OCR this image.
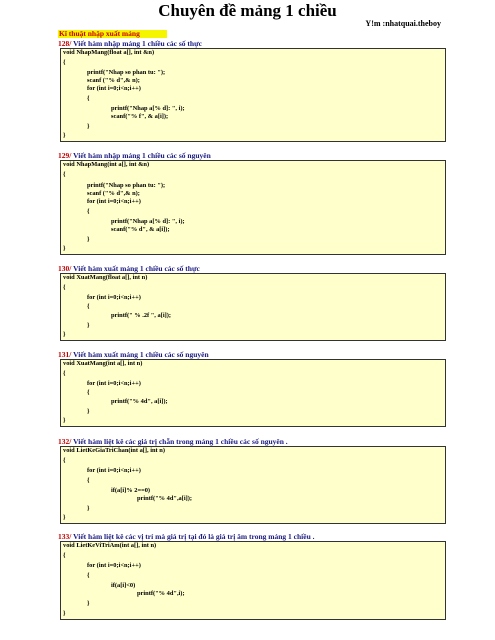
Chuyên đề mảng 1 chiều
Y!m :nhatquai.theboy
Kĩ thuật nhập xuất mảng
128/ Viết hàm nhập mảng 1 chiều các số thực
void NhapMang(float a[], int &n)
{
printf("Nhap so phan tu: ");
scanf ("% d",& n);
for (int i=0;i<n;i++)
{
printf("Nhap a[% d]: ", i);
scanf("% f", & a[i]);
}
}
129/ Viết hàm nhập mảng 1 chiều các số nguyên
void NhapMang(int a[], int &n)
{
printf("Nhap so phan tu: ");
scanf ("% d",& n);
for (int i=0;i<n;i++)
{
printf("Nhap a[% d]: ", i);
scanf("% d", & a[i]);
}
}
130/ Viết hàm xuất mảng 1 chiều các số thực
void XuatMang(float a[], int n)
{
for (int i=0;i<n;i++)
{
printf(" % .2f ", a[i]);
}
}
131/ Viết hàm xuất mảng 1 chiều các số nguyên
void XuatMang(int a[], int n)
{
for (int i=0;i<n;i++)
{
printf("% 4d", a[i]);
}
}
132/ Viết hàm liệt kê các giá trị chẵn trong mảng 1 chiều các số nguyên .
void LietKeGiaTriChan(int a[], int n)
{
for (int i=0;i<n;i++)
{
if(a[i]% 2==0)
printf("% 4d",a[i]);
}
}
133/ Viết hàm liệt kê các vị trí mà giá trị tại đó là giá trị âm trong mảng 1 chiều .
void LietKeViTriAm(int a[], int n)
{
for (int i=0;i<n;i++)
{
if(a[i]<0)
printf("% 4d",i);
}
}
